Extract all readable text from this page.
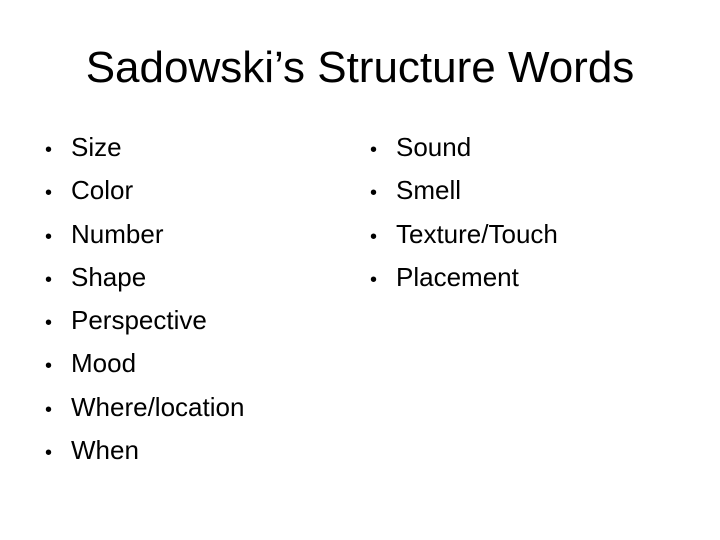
Sadowski’s Structure Words
• Size
• Color
• Number
• Shape
• Perspective
• Mood
• Where/location
• When
• Sound
• Smell
• Texture/Touch
• Placement
